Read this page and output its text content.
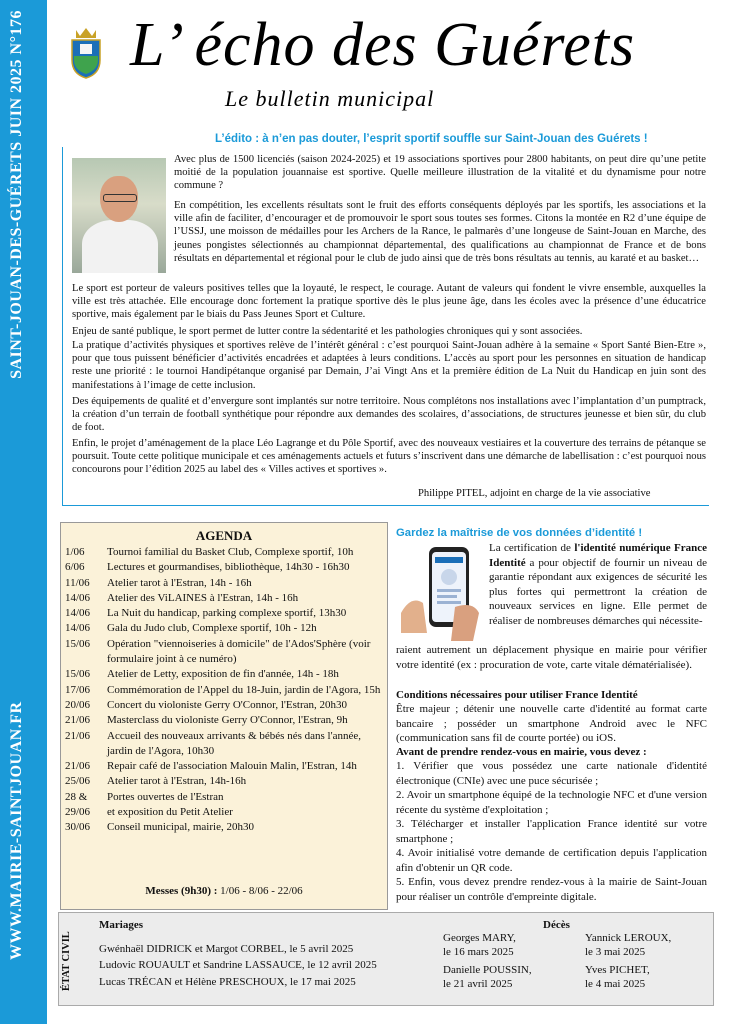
WWW.MAIRIE-SAINTJOUAN.FR
SAINT-JOUAN-DES-GUÉRETS JUIN 2025 N°176 L’ écho des Guérets
Le bulletin municipal
L’édito : à n’en pas douter, l’esprit sportif souffle sur Saint-Jouan des Guérets !

Avec plus de 1500 licenciés (saison 2024-2025) et 19 associations sportives pour 2800 habitants, on peut dire qu’une petite moitié de la population jouannaise est sportive. Quelle meilleure illustration de la vitalité et du dynamisme pour notre commune ?

En compétition, les excellents résultats sont le fruit des efforts conséquents déployés par les sportifs, les associations et la ville afin de faciliter, d’encourager et de promouvoir le sport sous toutes ses formes. Citons la montée en R2 d’une équipe de l’USSJ, une moisson de médailles pour les Archers de la Rance, le palmarès d’une longeuse de Saint-Jouan en Marche, des jeunes pongistes sélectionnés au championnat départemental, des qualifications au championnat de France et de bons résultats en départemental et régional pour le club de judo ainsi que de très bons résultats au tennis, au karaté et au basket…

Le sport est porteur de valeurs positives telles que la loyauté, le respect, le courage. Autant de valeurs qui fondent le vivre ensemble, auxquelles la ville est très attachée. Elle encourage donc fortement la pratique sportive dès le plus jeune âge, dans les écoles avec la présence d’une éducatrice sportive, mais également par le biais du Pass Jeunes Sport et Culture.

Enjeu de santé publique, le sport permet de lutter contre la sédentarité et les pathologies chroniques qui y sont associées.

La pratique d’activités physiques et sportives relève de l’intérêt général : c’est pourquoi Saint-Jouan adhère à la semaine « Sport Santé Bien-Etre », pour que tous puissent bénéficier d’activités encadrées et adaptées à leurs conditions. L’accès au sport pour les personnes en situation de handicap reste une priorité : le tournoi Handipétanque organisé par Demain, J’ai Vingt Ans et la première édition de La Nuit du Handicap en juin sont des manifestations à l’image de cette inclusion.

Des équipements de qualité et d’envergure sont implantés sur notre territoire. Nous complétons nos installations avec l’implantation d’un pumptrack, la création d’un terrain de football synthétique pour répondre aux demandes des scolaires, d’associations, de structures jeunesse et bien sûr, du club de foot.

Enfin, le projet d’aménagement de la place Léo Lagrange et du Pôle Sportif, avec des nouveaux vestiaires et la couverture des terrains de pétanque se poursuit. Toute cette politique municipale et ces aménagements actuels et futurs s’inscrivent dans une démarche de labellisation : c’est pourquoi nous concourons pour l’édition 2025 au label des « Villes actives et sportives ».

Philippe PITEL, adjoint en charge de la vie associative
AGENDA
1/06	Tournoi familial du Basket Club, Complexe sportif, 10h
6/06	Lectures et gourmandises, bibliothèque, 14h30 - 16h30
11/06	Atelier tarot à l'Estran, 14h - 16h
14/06	Atelier des ViLAINES à l'Estran, 14h - 16h
14/06	La Nuit du handicap, parking complexe sportif, 13h30
14/06	Gala du Judo club, Complexe sportif, 10h - 12h
15/06	Opération "viennoiseries à domicile" de l'Ados'Sphère (voir formulaire joint à ce numéro)
15/06	Atelier de Letty, exposition de fin d'année, 14h - 18h
17/06	Commémoration de l'Appel du 18-Juin, jardin de l'Agora, 15h
20/06	Concert du violoniste Gerry O'Connor, l'Estran, 20h30
21/06	Masterclass du violoniste Gerry O'Connor, l'Estran, 9h
21/06	Accueil des nouveaux arrivants & bébés nés dans l'année, jardin de l'Agora, 10h30
21/06	Repair café de l'association Malouin Malin, l'Estran, 14h
25/06	Atelier tarot à l'Estran, 14h-16h
28 &	Portes ouvertes de l'Estran
29/06	et exposition du Petit Atelier
30/06	Conseil municipal, mairie, 20h30
Messes (9h30) : 1/06 - 8/06 - 22/06
Gardez la maîtrise de vos données d’identité !

La certification de l'identité numérique France Identité a pour objectif de fournir un niveau de garantie répondant aux exigences de sécurité les plus fortes qui permettront la création de nouveaux services en ligne. Elle permet de réaliser de nombreuses démarches qui nécessite-

raient autrement un déplacement physique en mairie pour vérifier votre identité (ex : procuration de vote, carte vitale dématérialisée).

Conditions nécessaires pour utiliser France Identité

Être majeur ; détenir une nouvelle carte d'identité au format carte bancaire ; posséder un smartphone Android avec le NFC (communication sans fil de courte portée) ou iOS.

Avant de prendre rendez-vous en mairie, vous devez :

1. Vérifier que vous possédez une carte nationale d'identité électronique (CNIe) avec une puce sécurisée ;

2. Avoir un smartphone équipé de la technologie NFC et d'une version récente du système d'exploitation ;

3. Télécharger et installer l'application France identité sur votre smartphone ;

4. Avoir initialisé votre demande de certification depuis l'application afin d'obtenir un QR code.

5. Enfin, vous devez prendre rendez-vous à la mairie de Saint-Jouan pour réaliser un contrôle d'empreinte digitale.

ÉTAT CIVIL
Mariages
Gwénhaël DIDRICK et Margot CORBEL, le 5 avril 2025
Ludovic ROUAULT et Sandrine LASSAUCE, le 12 avril 2025
Lucas TRÉCAN et Hélène PRESCHOUX, le 17 mai 2025
Décès
Georges MARY,
le 16 mars 2025
Danielle POUSSIN,
le 21 avril 2025
Yannick LEROUX,
le 3 mai 2025
Yves PICHET,
le 4 mai 2025
